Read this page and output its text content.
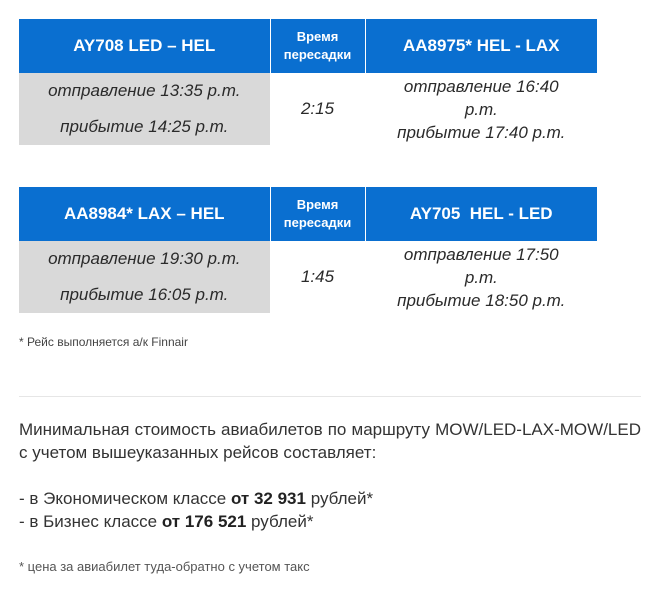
AY708 LED – HEL	Время пересадки	AA8975* HEL - LAX

отправление 13:35 р.т.
прибытие 14:25 р.т.	2:15	отправление 16:40
р.т.
прибытие 17:40 р.т.
AA8984* LAX – HEL	Время пересадки	AY705  HEL - LED

отправление 19:30 р.т.
прибытие 16:05 р.т.	1:45	отправление 17:50
р.т.
прибытие 18:50 р.т.
* Рейс выполняется а/к Finnair

Минимальная стоимость авиабилетов по маршруту MOW/LED-LAX-MOW/LED с учетом вышеуказанных рейсов составляет:

- в Экономическом классе от 32 931 рублей*
- в Бизнес классе от 176 521 рублей*
* цена за авиабилет туда-обратно с учетом такс
